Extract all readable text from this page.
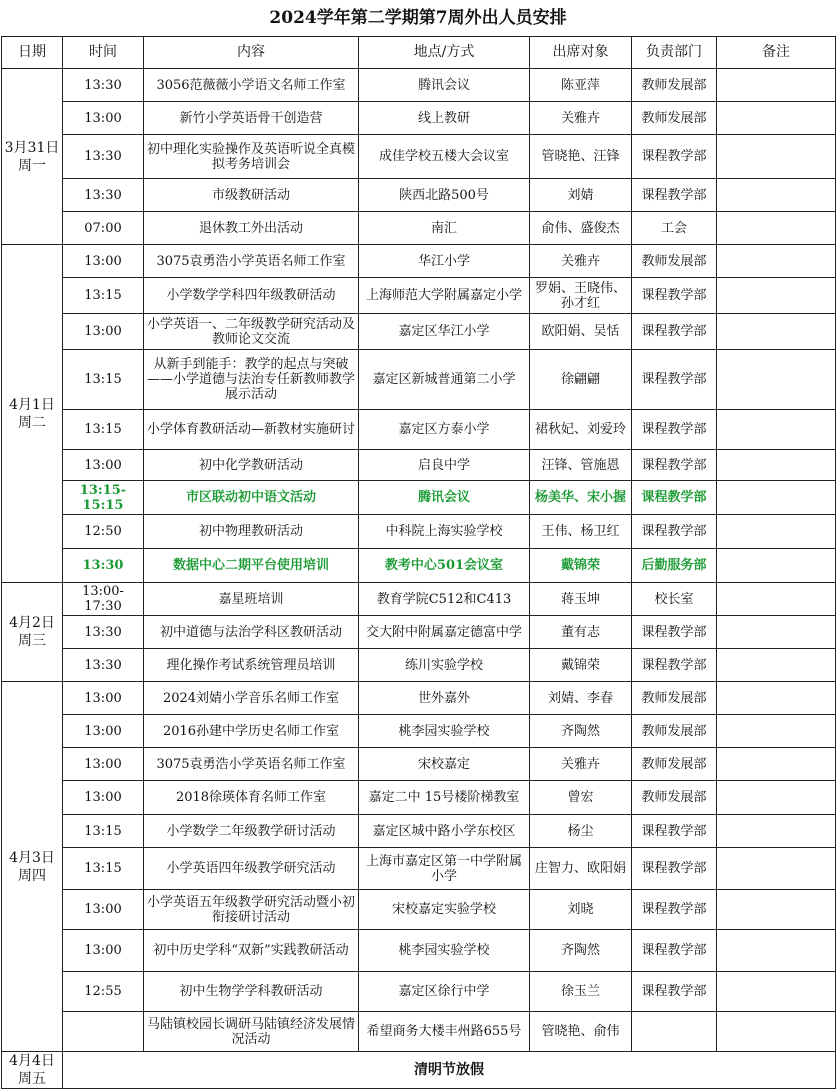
2024学年第二学期第7周外出人员安排
日期	时间	内容	地点/方式	出席对象	负责部门	备注
3月31日
周一	13:30	3056范薇薇小学语文名师工作室	腾讯会议	陈亚萍	教师发展部	
	13:00	新竹小学英语骨干创造营	线上教研	关雅卉	教师发展部	
	13:30	初中理化实验操作及英语听说全真模拟考务培训会	成佳学校五楼大会议室	管晓艳、汪锋	课程教学部	
	13:30	市级教研活动	陕西北路500号	刘婧	课程教学部	
	07:00	退休教工外出活动	南汇	俞伟、盛俊杰	工会	
4月1日
周二	13:00	3075袁勇浩小学英语名师工作室	华江小学	关雅卉	教师发展部	
	13:15	小学数学学科四年级教研活动	上海师范大学附属嘉定小学	罗娟、王晓伟、孙才红	课程教学部	
	13:00	小学英语一、二年级教学研究活动及教师论文交流	嘉定区华江小学	欧阳娟、吴恬	课程教学部	
	13:15	从新手到能手：教学的起点与突破——小学道德与法治专任新教师教学展示活动	嘉定区新城普通第二小学	徐翩翩	课程教学部	
	13:15	小学体育教研活动—新教材实施研讨	嘉定区方泰小学	裙秋妃、刘爱玲	课程教学部	
	13:00	初中化学教研活动	启良中学	汪锋、管施恩	课程教学部	
	13:15-15:15	市区联动初中语文活动	腾讯会议	杨美华、宋小握	课程教学部	
	12:50	初中物理教研活动	中科院上海实验学校	王伟、杨卫红	课程教学部	
	13:30	数据中心二期平台使用培训	教考中心501会议室	戴锦荣	后勤服务部	
4月2日
周三	13:00-17:30	嘉星班培训	教育学院C512和C413	蒋玉坤	校长室	
	13:30	初中道德与法治学科区教研活动	交大附中附属嘉定德富中学	董有志	课程教学部	
	13:30	理化操作考试系统管理员培训	练川实验学校	戴锦荣	课程教学部	
4月3日
周四	13:00	2024刘婧小学音乐名师工作室	世外嘉外	刘婧、李春	教师发展部	
	13:00	2016孙建中学历史名师工作室	桃李园实验学校	齐陶然	教师发展部	
	13:00	3075袁勇浩小学英语名师工作室	宋校嘉定	关雅卉	教师发展部	
	13:00	2018徐瑛体育名师工作室	嘉定二中 15号楼阶梯教室	曾宏	教师发展部	
	13:15	小学数学二年级教学研讨活动	嘉定区城中路小学东校区	杨尘	课程教学部	
	13:15	小学英语四年级教学研究活动	上海市嘉定区第一中学附属小学	庄智力、欧阳娟	课程教学部	
	13:00	小学英语五年级教学研究活动暨小初衔接研讨活动	宋校嘉定实验学校	刘晓	课程教学部	
	13:00	初中历史学科“双新”实践教研活动	桃李园实验学校	齐陶然	课程教学部	
	12:55	初中生物学学科教研活动	嘉定区徐行中学	徐玉兰	课程教学部	
		马陆镇校园长调研马陆镇经济发展情况活动	希望商务大楼丰州路655号	管晓艳、俞伟		
4月4日
周五	清明节放假					
